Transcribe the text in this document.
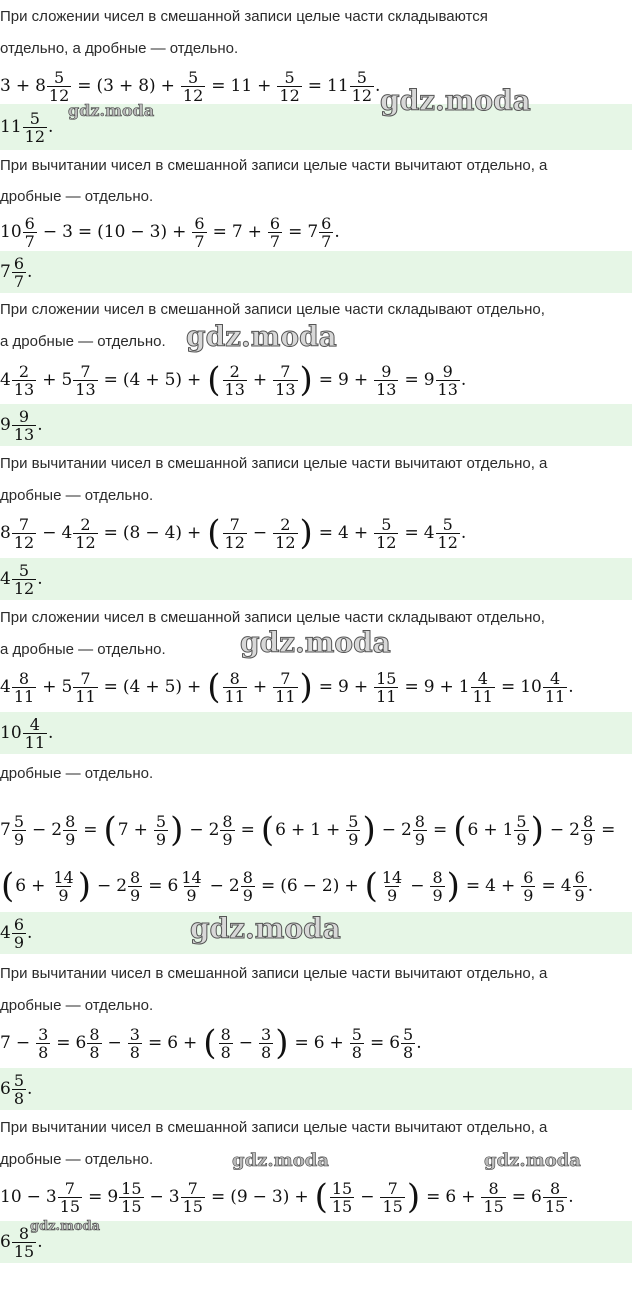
При сложении чисел в смешанной записи целые части складываются
отдельно, а дробные — отдельно.
$3 + 8 \frac{5}{12} = (3 + 8) + \frac{5}{12} = 11 + \frac{5}{12} = 11 \frac{5}{12}$ .
$11 \frac{5}{12}$ .
gdz.moda
gdz.moda
При вычитании чисел в смешанной записи целые части вычитают отдельно, а
дробные — отдельно.
$10 \frac{6}{7} - 3 = (10 - 3) + \frac{6}{7} = 7 + \frac{6}{7} = 7 \frac{6}{7}$ .
$7 \frac{6}{7}$ .
При сложении чисел в смешанной записи целые части складывают отдельно,
а дробные — отдельно. gdz.moda
$4 \frac{2}{13} + 5 \frac{7}{13} = (4 + 5)$ + ( $\frac{2}{13} + \frac{7}{13}$ ) = $9 + \frac{9}{13} = 9 \frac{9}{13}$ .
$9 \frac{9}{13}$ .
При вычитании чисел в смешанной записи целые части вычитают отдельно, а
дробные — отдельно.
$8 \frac{7}{12} - 4 \frac{2}{12} = (8 - 4)$ + ( $\frac{7}{12} - \frac{2}{12}$ ) = $4 + \frac{5}{12} = 4 \frac{5}{12}$ .
$4 \frac{5}{12}$ .
При сложении чисел в смешанной записи целые части складывают отдельно,
а дробные — отдельно.	gdz.moda
$4 \frac{8}{11} + 5 \frac{7}{11} = (4 + 5)$ + ( $\frac{8}{11} + \frac{7}{11}$ ) = $9 + \frac{15}{11} = 9 + 1 \frac{4}{11} = 10 \frac{4}{11}$ .
$10 \frac{4}{11}$ .
дробные — отдельно.
$7 \frac{5}{9} - 2 \frac{8}{9}$ = ( $7 + \frac{5}{9}$ ) − $2 \frac{8}{9}$ = ( $6 + 1 + \frac{5}{9}$ ) − $2 \frac{8}{9}$ = ( $6 + 1 \frac{5}{9}$ ) − $2 \frac{8}{9}$ =
( $6 + \frac{14}{9}$ ) − $2 \frac{8}{9} = 6 \frac{14}{9} - 2 \frac{8}{9} = (6 - 2)$ + ( $\frac{14}{9} - \frac{8}{9}$ ) = $4 + \frac{6}{9} = 4 \frac{6}{9}$ .
$4 \frac{6}{9}$ .	gdz.moda
При вычитании чисел в смешанной записи целые части вычитают отдельно, а
дробные — отдельно.
$7 - \frac{3}{8} = 6 \frac{8}{8} - \frac{3}{8} = 6$ + ( $\frac{8}{8} - \frac{3}{8}$ ) = $6 + \frac{5}{8} = 6 \frac{5}{8}$ .
$6 \frac{5}{8}$ .
При вычитании чисел в смешанной записи целые части вычитают отдельно, а
дробные — отдельно.	gdz.moda	gdz.moda
$10 - 3 \frac{7}{15} = 9 \frac{15}{15} - 3 \frac{7}{15} = (9 - 3)$ + ( $\frac{15}{15} - \frac{7}{15}$ ) = $6 + \frac{8}{15} = 6 \frac{8}{15}$ .
$6 \frac{8}{15}$ .
gdz.moda
